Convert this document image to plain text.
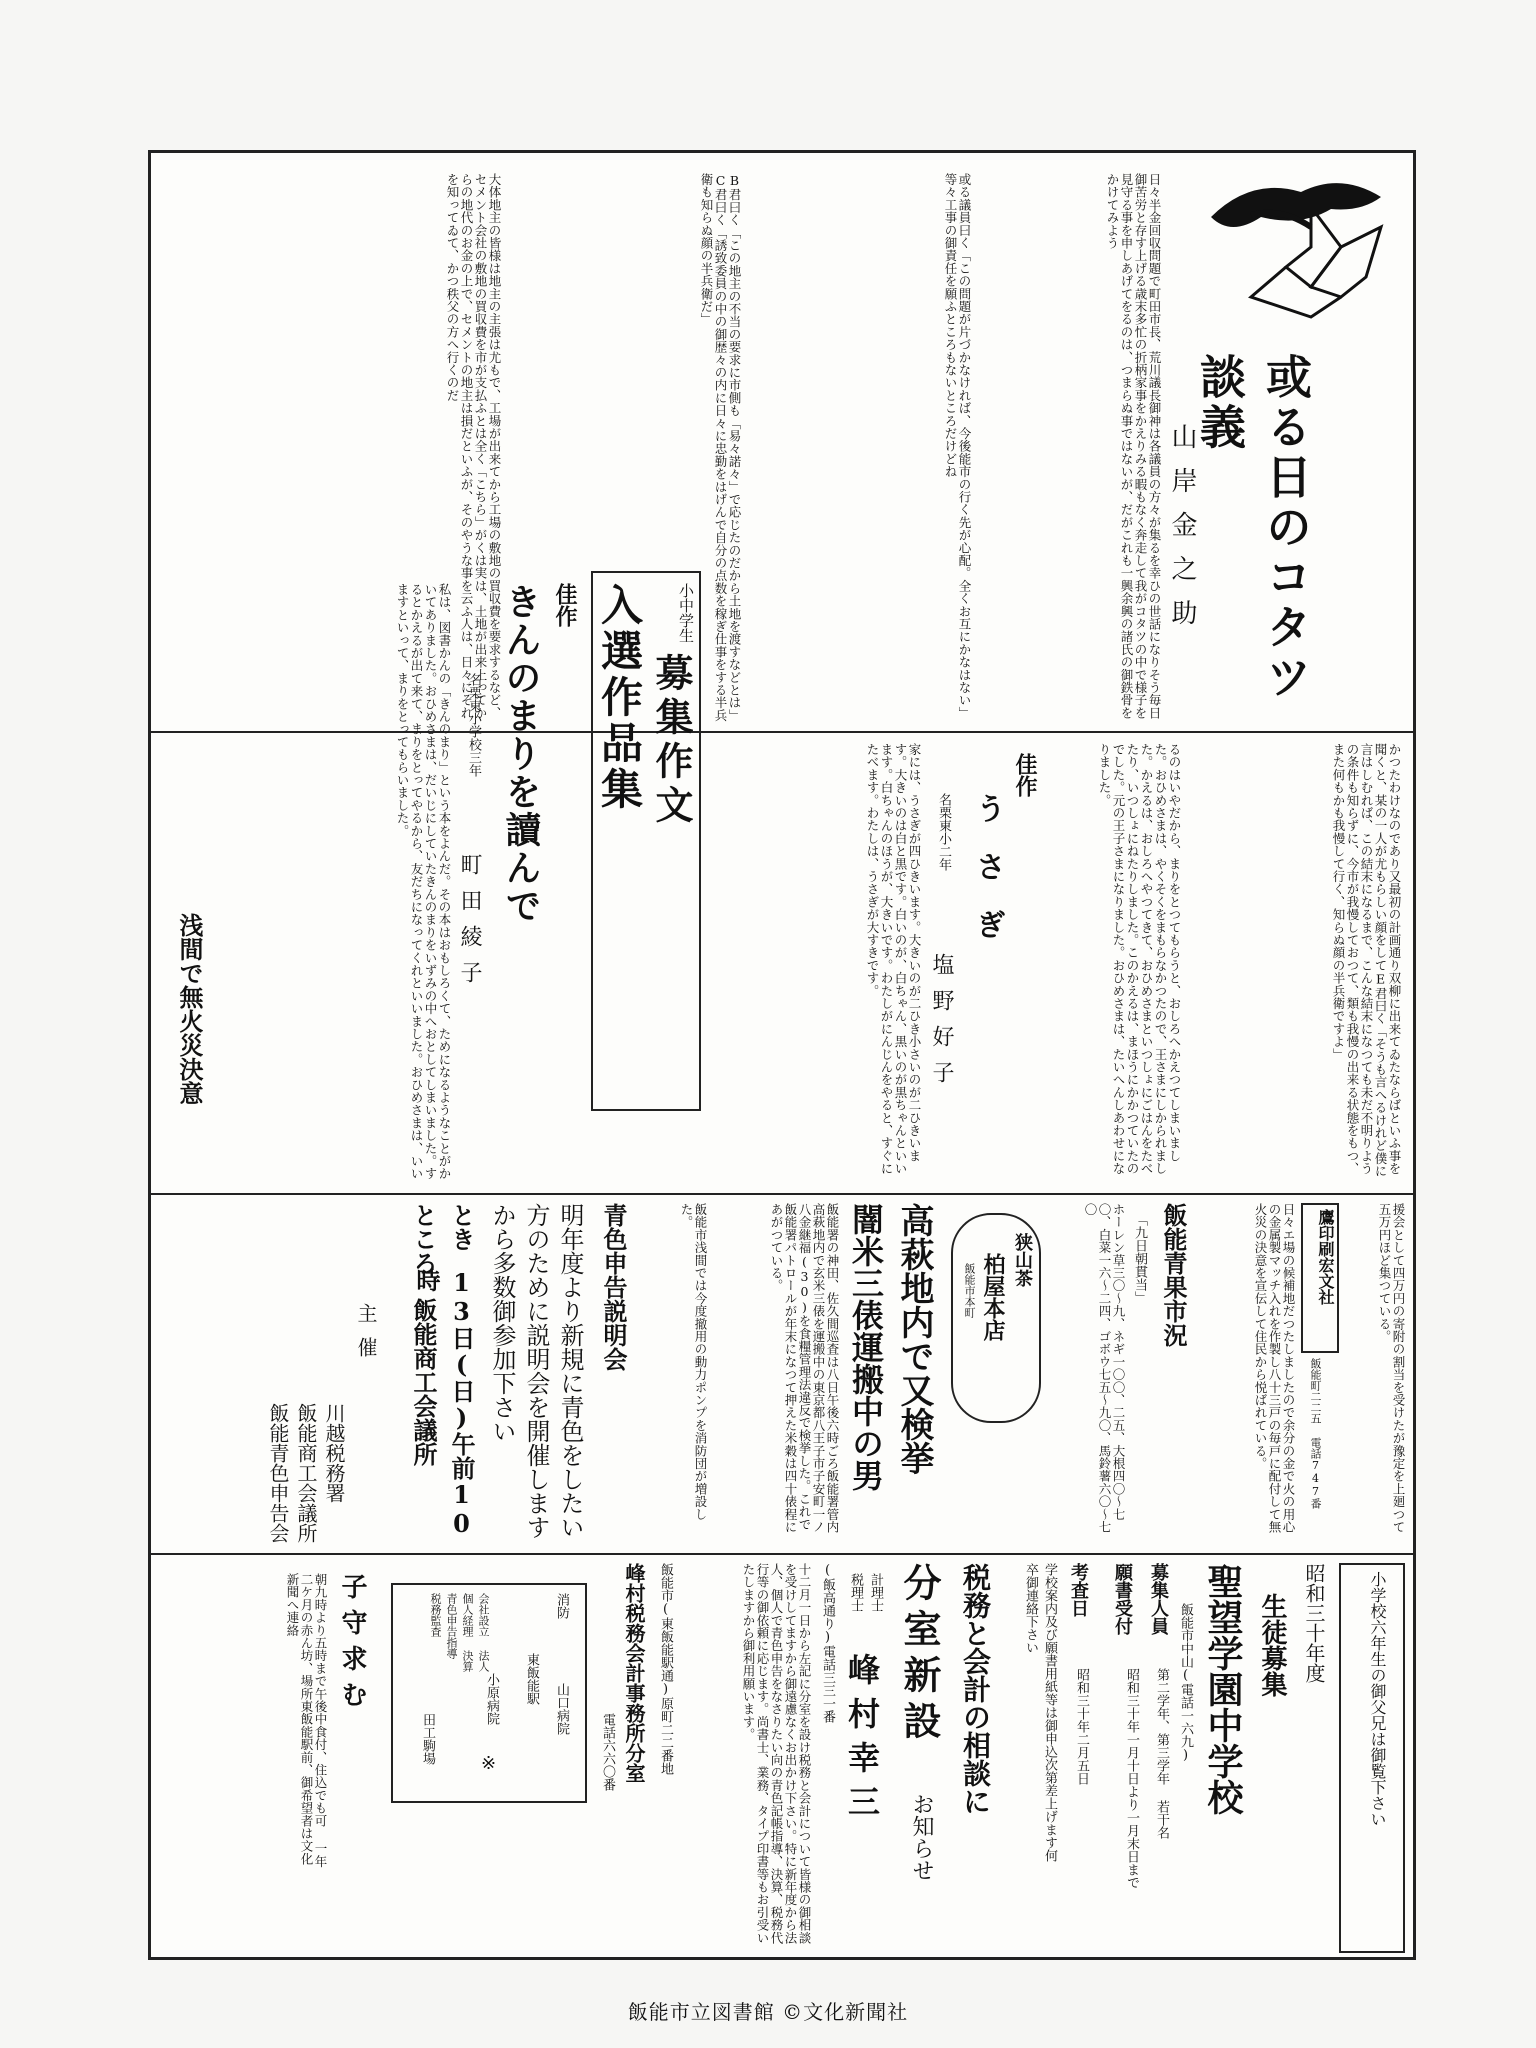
或る日のコタツ談義
山岸金之助
日々半金回収問題で町田市長、荒川議長御神は各議員の方々が集るを幸ひの世話になりそう毎日御苦労と存す上げる歳末多忙の折柄家事をかえりみる暇もなく奔走して我がコタツの中で様子を見守る事を申しあげてをるのは、つまらぬ事ではないが、だがこれも一興余興の諸氏の御鉄骨をかけてみよう
或る議員曰く「この問題が片づかなければ、今後能市の行く先が心配。全くお互にかなはない」等々工事の御責任を願ふところもないところだけどね
B君曰く「この地主の不当の要求に市側も「易々諾々」で応じたのだから土地を渡すなどとは」C君曰く「誘致委員の中の御歴々の内に日々に忠勤をはげんで自分の点数を稼ぎ仕事をする半兵衛も知らぬ顔の半兵衛だ」
大体地主の皆様は地主の主張は尤もで、工場が出来てから工場の敷地の買収費を要求するなど、セメント会社の敷地の買収費を市が支払ふとは全く「こちら」がくは実は、土地が出来上ってからの地代のお金の上で、セメントの地主は損だといふが、そのやうな事を云ふ人は、日々にそれを知ってゐて、かつ秩父の方へ行くのだ
かつたわけなのであり又最初の計画通り双柳に出来てゐたならばといふ事を聞くと、某の一人が尤もらしい顔をしてE君曰く「そうも言へるけれど僕に言はしむれば、この結末になるまで、こんな結末になつても未だ不明りようの条件も知らずに、今市が我慢しておつて、類も我慢の出来る状態をもつ、また何もかも我慢して行く、知らぬ顔の半兵衛ですよ」
るのはいやだから、まりをとつてもらうと、おしろへかえつてしまいました。おひめさまは、やくそくをまもらなかつたので、王さまにしかられました。かえるは、おしろへやつてきて、おひめさまといつしょにごはんをたべたり、いつしょにねたりしました。このかえるは、まほうにかかつていたのでした。元の王子さまになりました。おひめさまは、たいへんしあわせになりました。
佳作
うさぎ
名栗東小二年
塩野好子
家には、うさぎが四ひきいます。大きいのが二ひき小さいのが二ひきいます。大きいのは白と黒です。白いのが、白ちゃん、黒いのが黒ちゃんといいます。白ちゃんのほうが、大きいです。わたしがにんじんをやると、すぐにたべます。わたしは、うさぎが大すきです。
小中学生
募集作文
入選作品集
佳作
きんのまりを讀んで
名栗東小学校三年
町田綾子
私は、図書かんの「きんのまり」という本をよんだ。その本はおもしろくて、ためになるようなことがかいてありました。おひめさまは、だいじにしていたきんのまりをいずみの中へおとしてしまいました。するとかえるが出て来て、まりをとってやるから、友だちになってくれといいました。おひめさまは、いいますといって、まりをとってもらいました。
浅間で無火災決意
援会として四万円の寄附の割当を受けたが豫定を上廻つて五万円ほど集つている。
鷹印刷宏文社
飯能町二二五 電話747番
日々エ場の候補地だつたしましたので余分の金で火の用心の金属製マッチ入れを作製し八十三戸の毎戸に配付して無火災の決意を宣伝して住民から悦ばれている。
飯能青果市況
「九日朝貫当」
ホーレン草三〇〜九、ネギ一〇〇、二五、大根四〇〜七〇、白菜一六〜二四、ゴボウ七五〜九〇、馬鈴薯六〇〜七〇
狭山茶
柏屋本店
飯能市本町
高萩地内で又検挙
闇米三俵運搬中の男
飯能署の神田、佐久間巡査は八日午後六時ごろ飯能署管内高萩地内で玄米三俵を運搬中の東京都八王子市子安町一ノ八金継福(30)を食糧管理法違反で検挙した。これで飯能署パトロールが年末になつて押えた米穀は四十俵程にあがつている。
飯能市浅間では今度撤用の動力ポンプを消防団が増設した。
青色申告説明会
明年度より新規に青色をしたい方のために説明会を開催しますから多数御参加下さい
とき
13日(日)午前10時
ところ
飯能商工会議所
主催
川越税務署
飯能商工会議所
飯能青色申告会
小学校六年生の御父兄は御覧下さい
昭和三十年度
生徒募集
聖望学園中学校
飯能市中山(電話一六九)
募集人員
第二学年、第三学年 若干名
願書受付
昭和三十年一月十日より一月末日まで
考査日
昭和三十年二月五日
学校案内及び願書用紙等は御申込次第差上げます何卒御連絡下さい
税務と会計の相談に
分室新設
お知らせ
計理士
税理士
峰村幸三
(飯高通り)電話三三一番
十二月一日から左記に分室を設け税務と会計について皆様の御相談を受けしてますから御遠慮なくお出かけ下さい。特に新年度から法人、個人で青色申告をなさりたい向の青色記帳指導、決算、税務代行等の御依頼に応じます。尚書士、業務、タイプ印書等もお引受いたしますから御利用願います。
飯能市(東飯能駅通)原町二二番地
峰村税務会計事務所分室
電話六六〇番
東飯能駅
消防
山口病院
小原病院
田工駒場	※
会社設立 法人個人経理 決算青色申告指導 税務監査
子守求む
朝九時より五時まで午後中食付、住込でも可 一年二ケ月の赤ん坊、場所東飯能駅前、御希望者は文化新聞へ連絡
飯能市立図書館 ©文化新聞社
